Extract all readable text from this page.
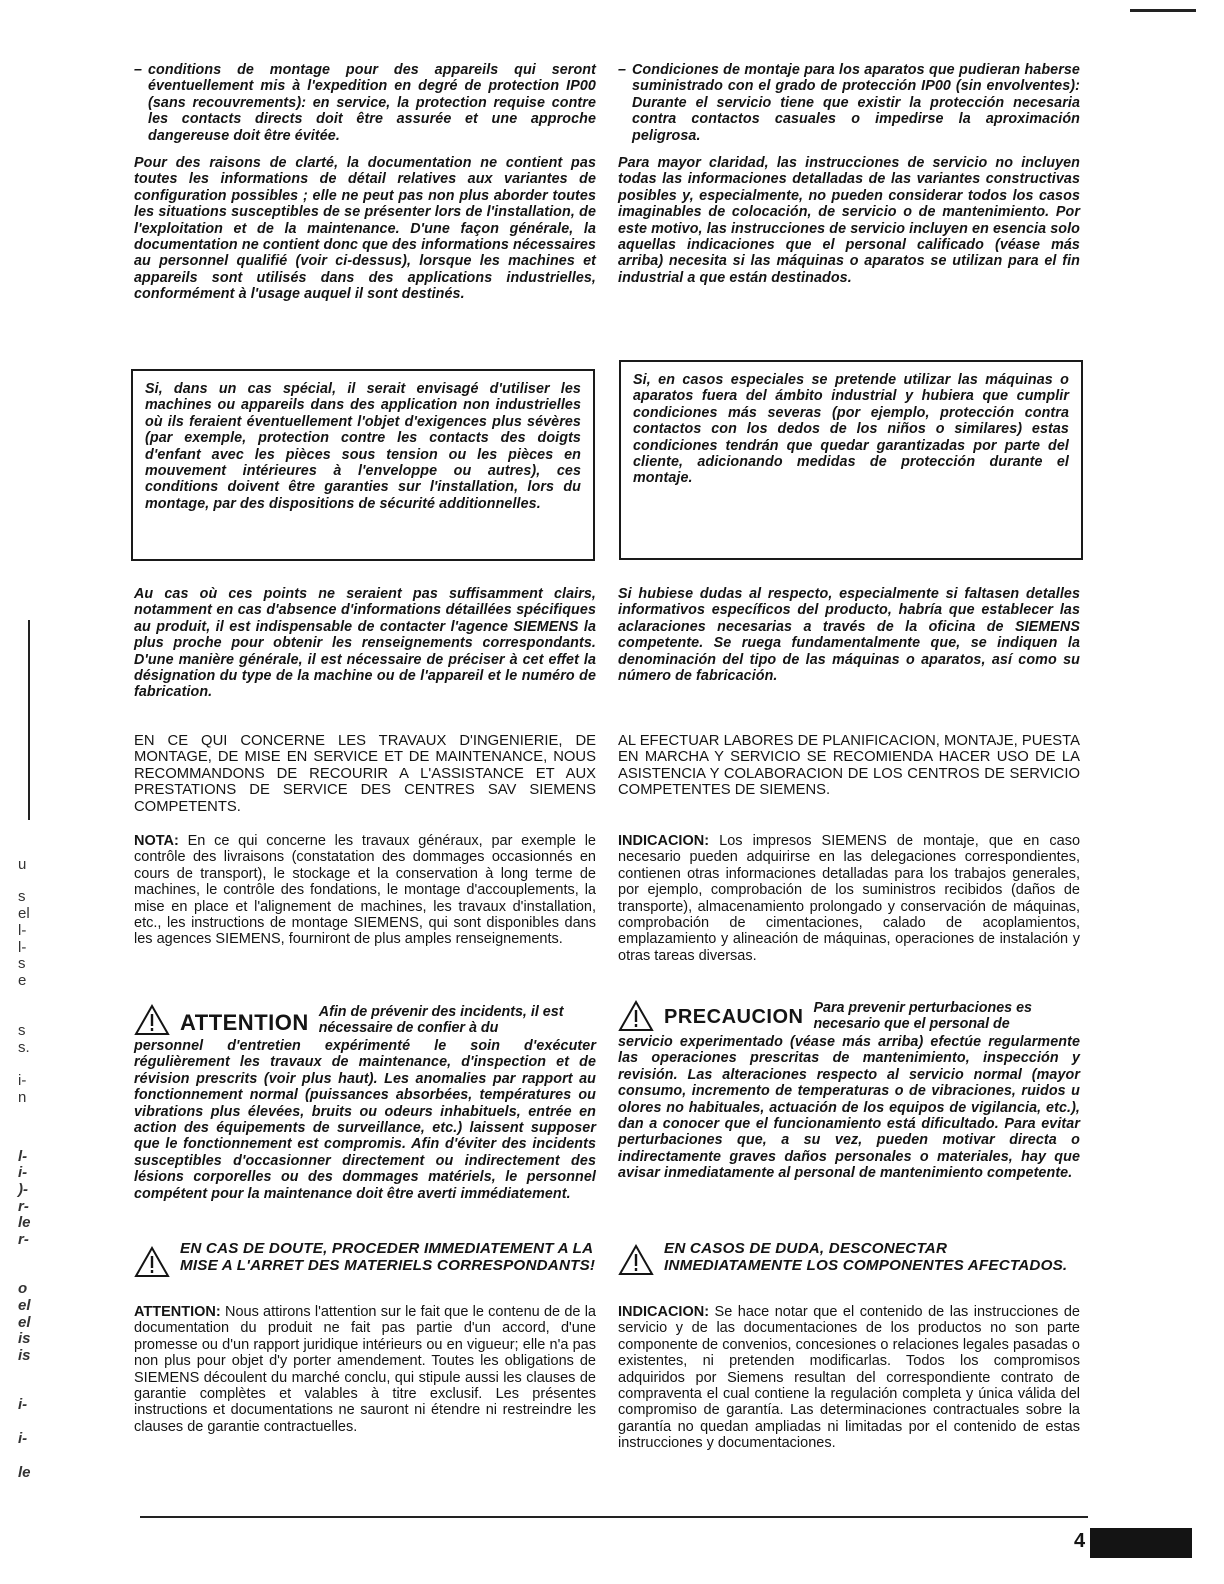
u
s
el
l-
l-
s
e
s
s.
i-
n
l-
i-
)-
r-
le
r-
o
el
el
is
is
i-
i-
le
– conditions de montage pour des appareils qui seront éventuellement mis à l'expedition en degré de protection IP00 (sans recouvrements): en service, la protection requise contre les contacts directs doit être assurée et une approche dangereuse doit être évitée.

Pour des raisons de clarté, la documentation ne contient pas toutes les informations de détail relatives aux variantes de configuration possibles ; elle ne peut pas non plus aborder toutes les situations susceptibles de se présenter lors de l'installation, de l'exploitation et de la maintenance. D'une façon générale, la documentation ne contient donc que des informations nécessaires au personnel qualifié (voir ci-dessus), lorsque les machines et appareils sont utilisés dans des applications industrielles, conformément à l'usage auquel il sont destinés.

Si, dans un cas spécial, il serait envisagé d'utiliser les machines ou appareils dans des application non industrielles où ils feraient éventuellement l'objet d'exigences plus sévères (par exemple, protection contre les contacts des doigts d'enfant avec les pièces sous tension ou les pièces en mouvement intérieures à l'enveloppe ou autres), ces conditions doivent être garanties sur l'installation, lors du montage, par des dispositions de sécurité additionnelles.

Au cas où ces points ne seraient pas suffisamment clairs, notamment en cas d'absence d'informations détaillées spécifiques au produit, il est indispensable de contacter l'agence SIEMENS la plus proche pour obtenir les renseignements correspondants. D'une manière générale, il est nécessaire de préciser à cet effet la désignation du type de la machine ou de l'appareil et le numéro de fabrication.

EN CE QUI CONCERNE LES TRAVAUX D'INGENIERIE, DE MONTAGE, DE MISE EN SERVICE ET DE MAINTENANCE, NOUS RECOMMANDONS DE RECOURIR A L'ASSISTANCE ET AUX PRESTATIONS DE SERVICE DES CENTRES SAV SIEMENS COMPETENTS.

NOTA: En ce qui concerne les travaux généraux, par exemple le contrôle des livraisons (constatation des dommages occasionnés en cours de transport), le stockage et la conservation à long terme de machines, le contrôle des fondations, le montage d'accouplements, la mise en place et l'alignement de machines, les travaux d'installation, etc., les instructions de montage SIEMENS, qui sont disponibles dans les agences SIEMENS, fourniront de plus amples renseignements.

ATTENTION Afin de prévenir des incidents, il est nécessaire de confier à du

personnel d'entretien expérimenté le soin d'exécuter régulièrement les travaux de maintenance, d'inspection et de révision prescrits (voir plus haut). Les anomalies par rapport au fonctionnement normal (puissances absorbées, températures ou vibrations plus élevées, bruits ou odeurs inhabituels, entrée en action des équipements de surveillance, etc.) laissent supposer que le fonctionnement est compromis. Afin d'éviter des incidents susceptibles d'occasionner directement ou indirectement des lésions corporelles ou des dommages matériels, le personnel compétent pour la maintenance doit être averti immédiatement.

EN CAS DE DOUTE, PROCEDER IMMEDIATEMENT A LA MISE A L'ARRET DES MATERIELS CORRESPONDANTS!

ATTENTION: Nous attirons l'attention sur le fait que le contenu de de la documentation du produit ne fait pas partie d'un accord, d'une promesse ou d'un rapport juridique intérieurs ou en vigueur; elle n'a pas non plus pour objet d'y porter amendement. Toutes les obligations de SIEMENS découlent du marché conclu, qui stipule aussi les clauses de garantie complètes et valables à titre exclusif. Les présentes instructions et documentations ne sauront ni étendre ni restreindre les clauses de garantie contractuelles.

– Condiciones de montaje para los aparatos que pudieran haberse suministrado con el grado de protección IP00 (sin envolventes): Durante el servicio tiene que existir la protección necesaria contra contactos casuales o impedirse la aproximación peligrosa.

Para mayor claridad, las instrucciones de servicio no incluyen todas las informaciones detalladas de las variantes constructivas posibles y, especialmente, no pueden considerar todos los casos imaginables de colocación, de servicio o de mantenimiento. Por este motivo, las instrucciones de servicio incluyen en esencia solo aquellas indicaciones que el personal calificado (véase más arriba) necesita si las máquinas o aparatos se utilizan para el fin industrial a que están destinados.

Si, en casos especiales se pretende utilizar las máquinas o aparatos fuera del ámbito industrial y hubiera que cumplir condiciones más severas (por ejemplo, protección contra contactos con los dedos de los niños o similares) estas condiciones tendrán que quedar garantizadas por parte del cliente, adicionando medidas de protección durante el montaje.

Si hubiese dudas al respecto, especialmente si faltasen detalles informativos específicos del producto, habría que establecer las aclaraciones necesarias a través de la oficina de SIEMENS competente. Se ruega fundamentalmente que, se indiquen la denominación del tipo de las máquinas o aparatos, así como su número de fabricación.

AL EFECTUAR LABORES DE PLANIFICACION, MONTAJE, PUESTA EN MARCHA Y SERVICIO SE RECOMIENDA HACER USO DE LA ASISTENCIA Y COLABORACION DE LOS CENTROS DE SERVICIO COMPETENTES DE SIEMENS.

INDICACION: Los impresos SIEMENS de montaje, que en caso necesario pueden adquirirse en las delegaciones correspondientes, contienen otras informaciones detalladas para los trabajos generales, por ejemplo, comprobación de los suministros recibidos (daños de transporte), almacenamiento prolongado y conservación de máquinas, comprobación de cimentaciones, calado de acoplamientos, emplazamiento y alineación de máquinas, operaciones de instalación y otras tareas diversas.

PRECAUCION Para prevenir perturbaciones es necesario que el personal de

servicio experimentado (véase más arriba) efectúe regularmente las operaciones prescritas de mantenimiento, inspección y revisión. Las alteraciones respecto al servicio normal (mayor consumo, incremento de temperaturas o de vibraciones, ruidos u olores no habituales, actuación de los equipos de vigilancia, etc.), dan a conocer que el funcionamiento está dificultado. Para evitar perturbaciones que, a su vez, pueden motivar directa o indirectamente graves daños personales o materiales, hay que avisar inmediatamente al personal de mantenimiento competente.

EN CASOS DE DUDA, DESCONECTAR INMEDIATAMENTE LOS COMPONENTES AFECTADOS.

INDICACION: Se hace notar que el contenido de las instrucciones de servicio y de las documentaciones de los productos no son parte componente de convenios, concesiones o relaciones legales pasadas o existentes, ni pretenden modificarlas. Todos los compromisos adquiridos por Siemens resultan del correspondiente contrato de compraventa el cual contiene la regulación completa y única válida del compromiso de garantía. Las determinaciones contractuales sobre la garantía no quedan ampliadas ni limitadas por el contenido de estas instrucciones y documentaciones.

4
